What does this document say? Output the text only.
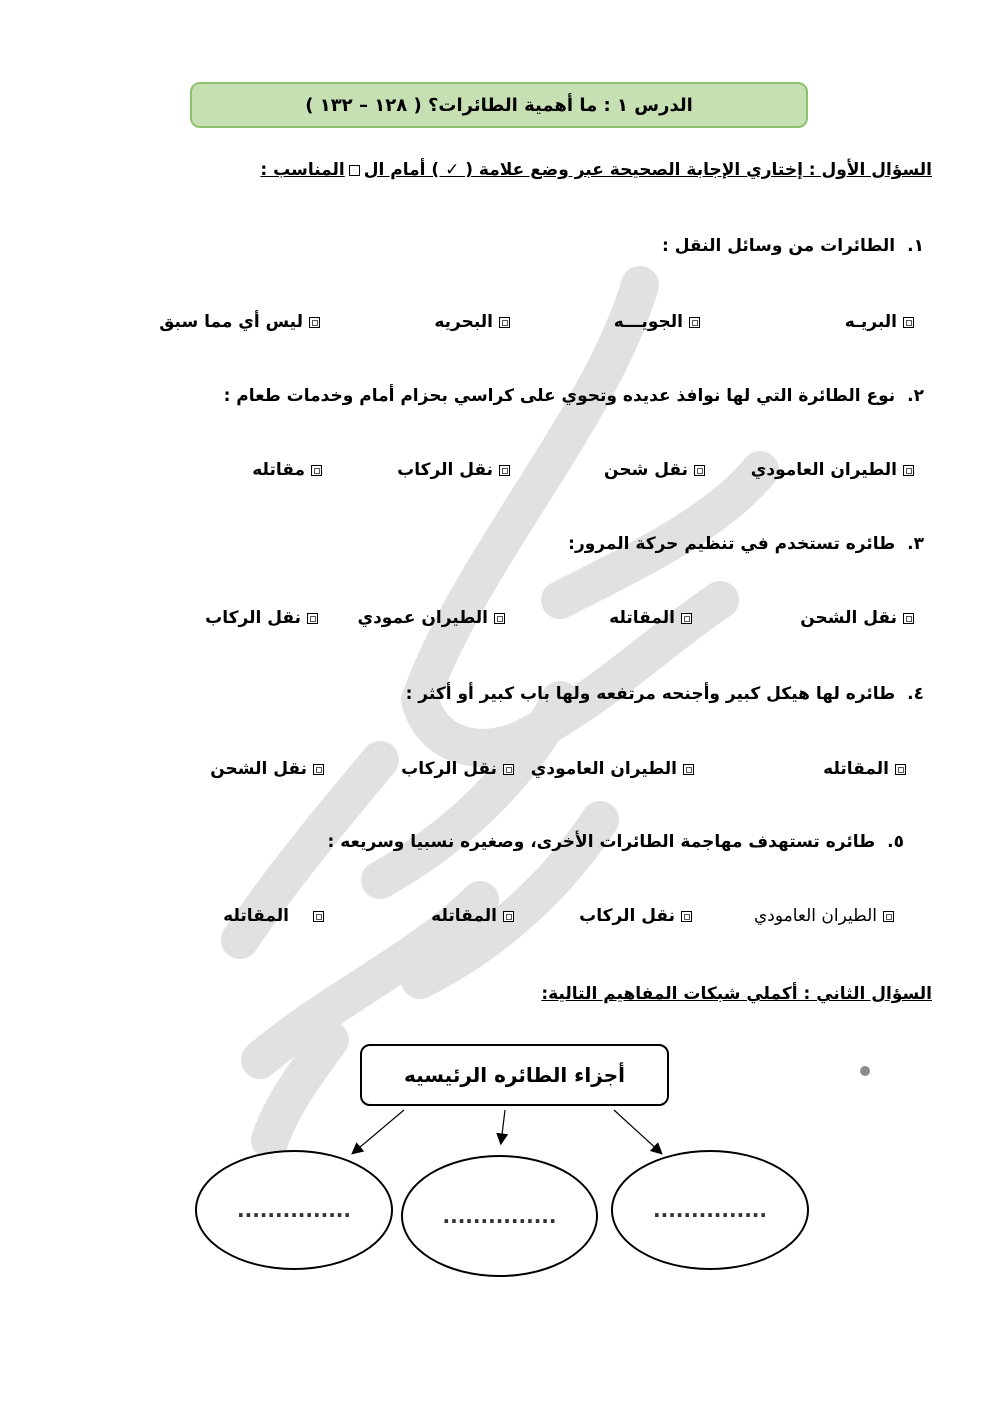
الدرس ١ : ما أهمية الطائرات؟ ( ١٢٨ – ١٣٢ )
السؤال الأول : إختاري الإجابة الصحيحة عبر وضع علامة ( ✓ ) أمام الالمناسب :
١.الطائرات من وسائل النقل :
البريـه
الجويـــه
البحريه
ليس أي مما سبق
٢.نوع الطائرة التي لها نوافذ عديده وتحوي على كراسي بحزام أمام وخدمات طعام :
الطيران العامودي
نقل شحن
نقل الركاب
مقاتله
٣.طائره تستخدم في تنظيم حركة المرور:
نقل الشحن
المقاتله
الطيران عمودي
نقل الركاب
٤.طائره لها هيكل كبير وأجنحه مرتفعه ولها باب كبير أو أكثر :
المقاتله
الطيران العامودي
نقل الركاب
نقل الشحن
٥.طائره تستهدف مهاجمة الطائرات الأخرى، وصغيره نسبيا وسريعه :
الطيران العامودي
نقل الركاب
المقاتله
المقاتله
السؤال الثاني : أكملي شبكات المفاهيم التالية:
أجزاء الطائره الرئيسيه
...............	...............	...............
